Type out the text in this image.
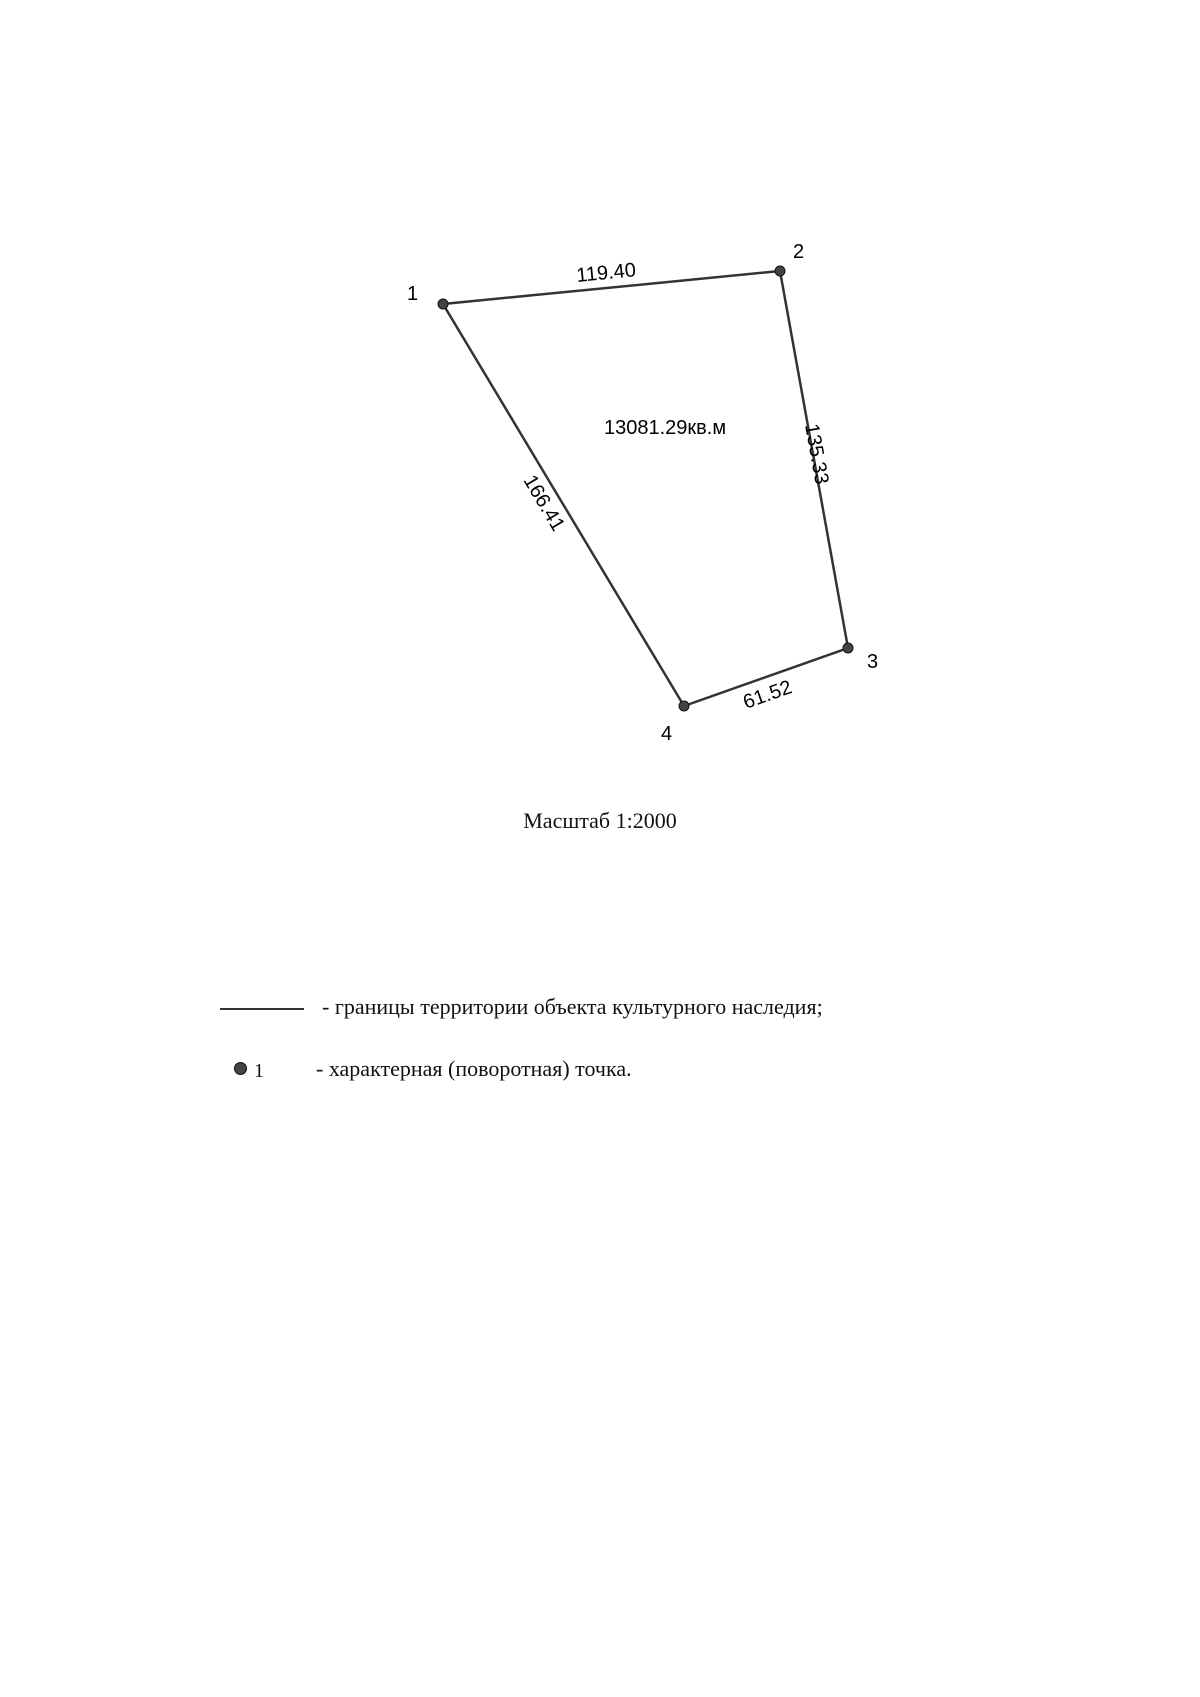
1
2
3
4
119.40
135.33
61.52
166.41
13081.29кв.м
Масштаб 1:2000
- границы территории объекта культурного наследия;
1 - характерная (поворотная) точка.
